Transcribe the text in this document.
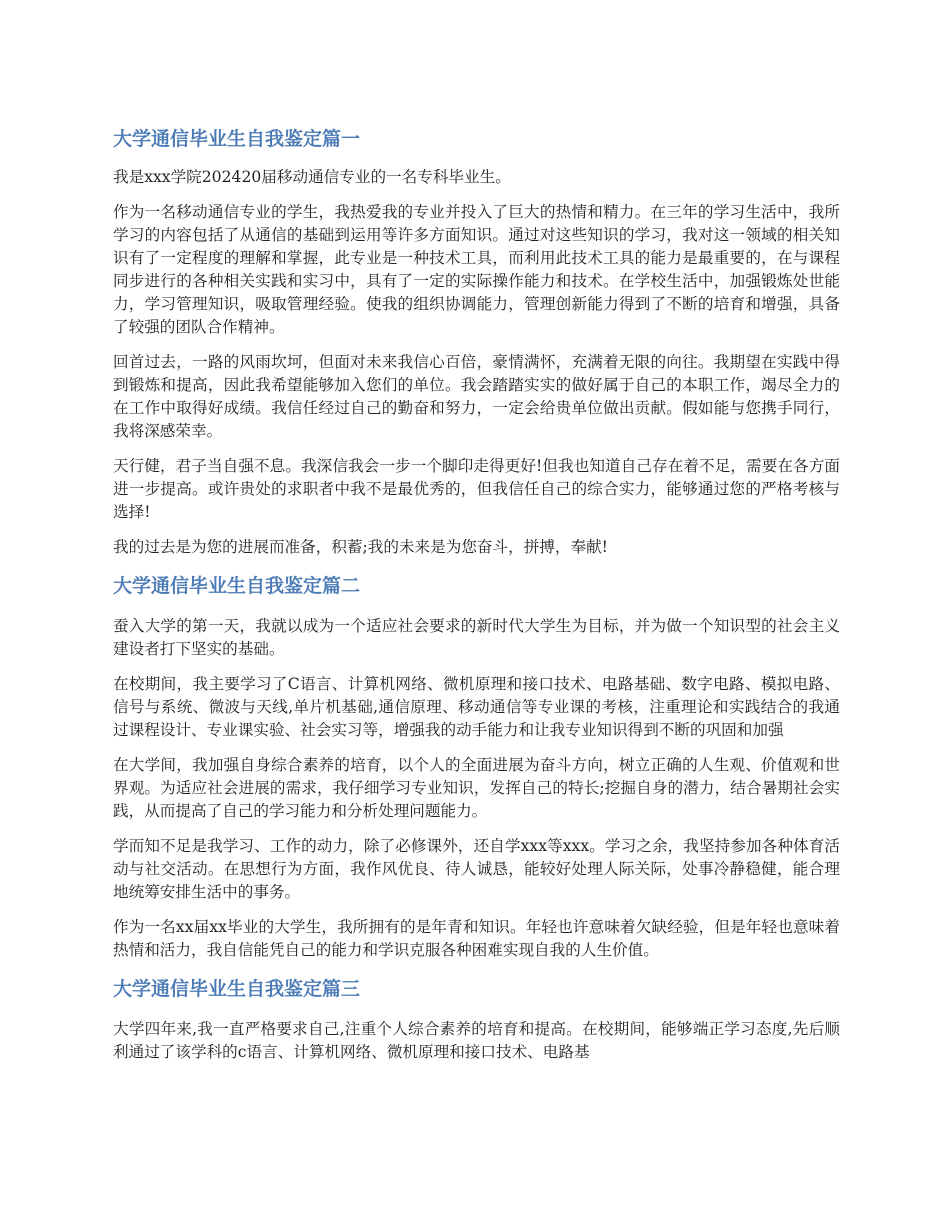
大学通信毕业生自我鉴定篇一

我是xxx学院202420届移动通信专业的一名专科毕业生。

作为一名移动通信专业的学生，我热爱我的专业并投入了巨大的热情和精力。在三年的学习生活中，我所学习的内容包括了从通信的基础到运用等许多方面知识。通过对这些知识的学习，我对这一领域的相关知识有了一定程度的理解和掌握，此专业是一种技术工具，而利用此技术工具的能力是最重要的，在与课程同步进行的各种相关实践和实习中，具有了一定的实际操作能力和技术。在学校生活中，加强锻炼处世能力，学习管理知识，吸取管理经验。使我的组织协调能力，管理创新能力得到了不断的培育和增强，具备了较强的团队合作精神。

回首过去，一路的风雨坎坷，但面对未来我信心百倍，豪情满怀，充满着无限的向往。我期望在实践中得到锻炼和提高，因此我希望能够加入您们的单位。我会踏踏实实的做好属于自己的本职工作，竭尽全力的在工作中取得好成绩。我信任经过自己的勤奋和努力，一定会给贵单位做出贡献。假如能与您携手同行，我将深感荣幸。

天行健，君子当自强不息。我深信我会一步一个脚印走得更好!但我也知道自己存在着不足，需要在各方面进一步提高。或许贵处的求职者中我不是最优秀的，但我信任自己的综合实力，能够通过您的严格考核与选择!

我的过去是为您的进展而准备，积蓄;我的未来是为您奋斗，拼搏，奉献!

大学通信毕业生自我鉴定篇二

蚕入大学的第一天，我就以成为一个适应社会要求的新时代大学生为目标，并为做一个知识型的社会主义建设者打下坚实的基础。

在校期间，我主要学习了C语言、计算机网络、微机原理和接口技术、电路基础、数字电路、模拟电路、信号与系统、微波与天线,单片机基础,通信原理、移动通信等专业课的考核，注重理论和实践结合的我通过课程设计、专业课实验、社会实习等，增强我的动手能力和让我专业知识得到不断的巩固和加强

在大学间，我加强自身综合素养的培育，以个人的全面进展为奋斗方向，树立正确的人生观、价值观和世界观。为适应社会进展的需求，我仔细学习专业知识，发挥自己的特长;挖掘自身的潜力，结合暑期社会实践，从而提高了自己的学习能力和分析处理问题能力。

学而知不足是我学习、工作的动力，除了必修课外，还自学xxx等xxx。学习之余，我坚持参加各种体育活动与社交活动。在思想行为方面，我作风优良、待人诚恳，能较好处理人际关际，处事冷静稳健，能合理地统筹安排生活中的事务。

作为一名xx届xx毕业的大学生，我所拥有的是年青和知识。年轻也许意味着欠缺经验，但是年轻也意味着热情和活力，我自信能凭自己的能力和学识克服各种困难实现自我的人生价值。

大学通信毕业生自我鉴定篇三

大学四年来,我一直严格要求自己,注重个人综合素养的培育和提高。在校期间，能够端正学习态度,先后顺利通过了该学科的c语言、计算机网络、微机原理和接口技术、电路基
